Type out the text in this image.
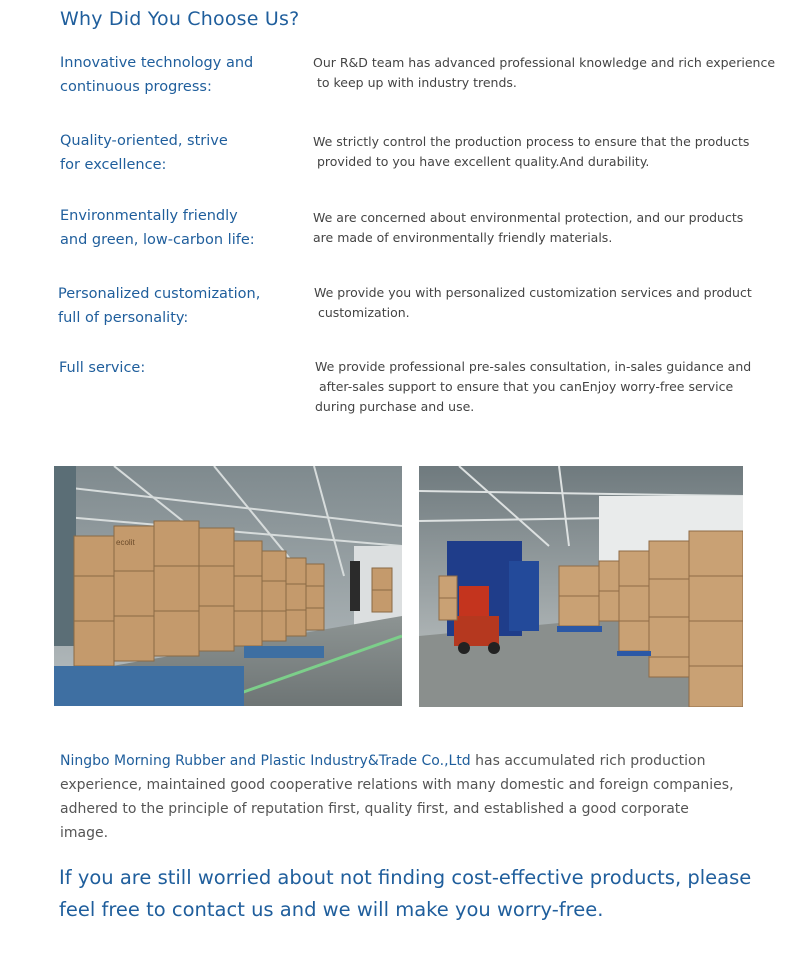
Why Did You Choose Us?
Innovative technology and
continuous progress:
Our R&D team has advanced professional knowledge and rich experience
to keep up with industry trends.
Quality-oriented, strive
for excellence:
We strictly control the production process to ensure that the products
provided to you have excellent quality.And durability.
Environmentally friendly
and green, low-carbon life:
We are concerned about environmental protection, and our products
are made of environmentally friendly materials.
Personalized customization,
full of personality:
We provide you with personalized customization services and product
customization.
Full service:	We provide professional pre-sales consultation, in-sales guidance and
after-sales support to ensure that you canEnjoy worry-free service
during purchase and use.
ecolit

Ningbo Morning Rubber and Plastic Industry&Trade Co.,Ltd has accumulated rich production
experience, maintained good cooperative relations with many domestic and foreign companies,
adhered to the principle of reputation first, quality first, and established a good corporate
image.

If you are still worried about not finding cost-effective products, please
feel free to contact us and we will make you worry-free.
